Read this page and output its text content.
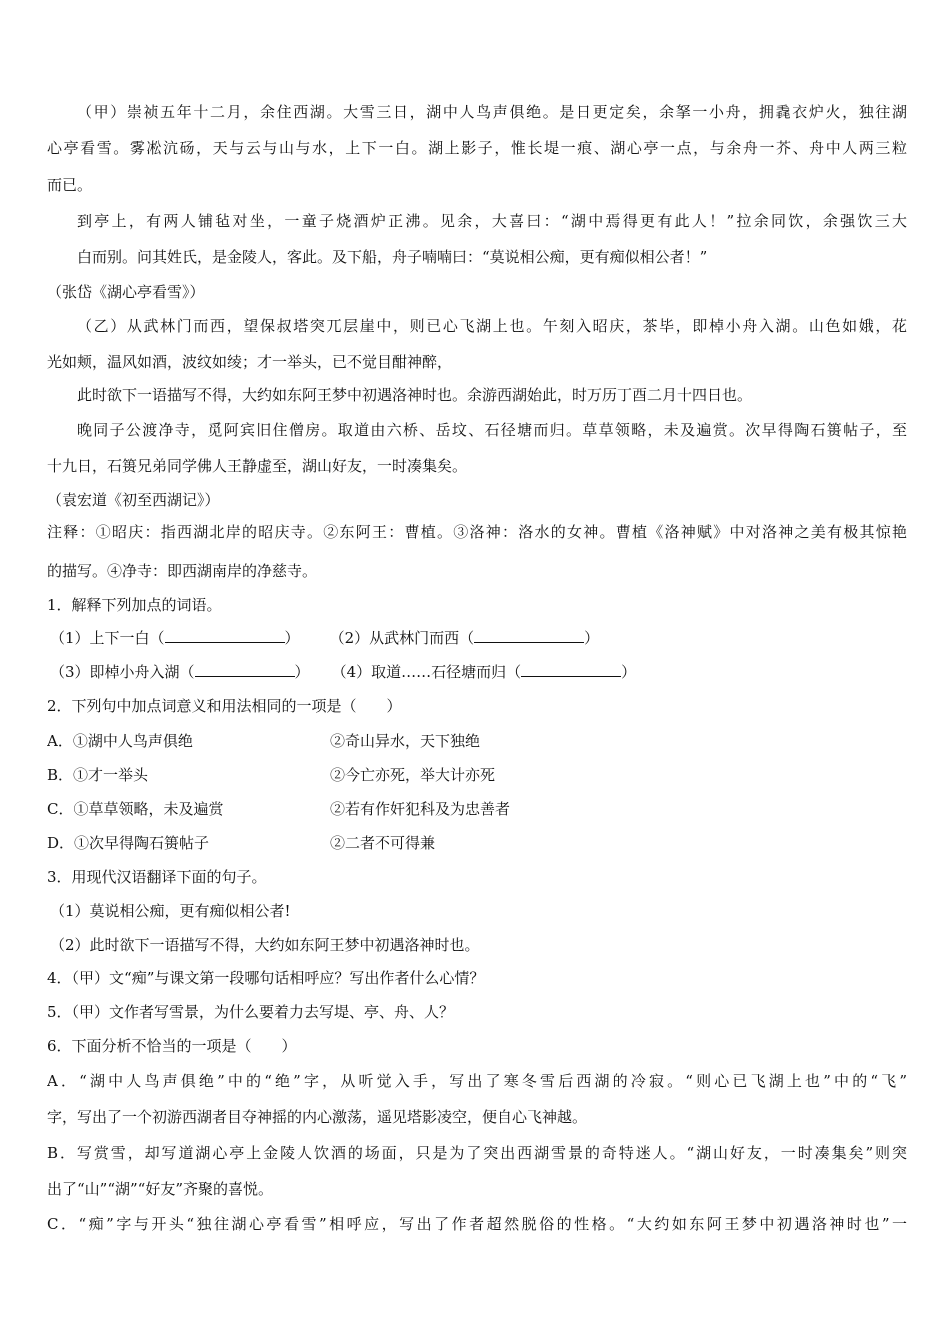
（甲）崇祯五年十二月，余住西湖。大雪三日，湖中人鸟声俱绝。是日更定矣，余拏一小舟，拥毳衣炉火，独往湖
心亭看雪。雾凇沆砀，天与云与山与水，上下一白。湖上影子，惟长堤一痕、湖心亭一点，与余舟一芥、舟中人两三粒
而已。
到亭上，有两人铺毡对坐，一童子烧酒炉正沸。见余，大喜曰：“湖中焉得更有此人！”拉余同饮，余强饮三大
白而别。问其姓氏，是金陵人，客此。及下船，舟子喃喃曰：“莫说相公痴，更有痴似相公者！”
（张岱《湖心亭看雪》）
（乙）从武林门而西，望保叔塔突兀层崖中，则已心飞湖上也。午刻入昭庆，茶毕，即棹小舟入湖。山色如娥，花
光如颊，温风如酒，波纹如绫；才一举头，已不觉目酣神醉，
此时欲下一语描写不得，大约如东阿王梦中初遇洛神时也。余游西湖始此，时万历丁酉二月十四日也。
晚同子公渡净寺，觅阿宾旧住僧房。取道由六桥、岳坟、石径塘而归。草草领略，未及遍赏。次早得陶石篑帖子，至
十九日，石篑兄弟同学佛人王静虚至，湖山好友，一时凑集矣。
（袁宏道《初至西湖记》）
注释：①昭庆：指西湖北岸的昭庆寺。②东阿王：曹植。③洛神：洛水的女神。曹植《洛神赋》中对洛神之美有极其惊艳
的描写。④净寺：即西湖南岸的净慈寺。
1．解释下列加点的词语。
（1）上下一白（	） （2）从武林门而西（	）
（3）即棹小舟入湖（	） （4）取道……石径塘而归（	）
2．下列句中加点词意义和用法相同的一项是（　　）
A．①湖中人鸟声俱绝	②奇山异水，天下独绝
B．①才一举头	②今亡亦死，举大计亦死
C．①草草领略，未及遍赏	②若有作奸犯科及为忠善者
D．①次早得陶石篑帖子	②二者不可得兼
3．用现代汉语翻译下面的句子。
（1）莫说相公痴，更有痴似相公者!
（2）此时欲下一语描写不得，大约如东阿王梦中初遇洛神时也。
4．（甲）文“痴”与课文第一段哪句话相呼应？写出作者什么心情？
5．（甲）文作者写雪景，为什么要着力去写堤、亭、舟、人？
6．下面分析不恰当的一项是（　　）
A．“湖中人鸟声俱绝”中的“绝”字，从听觉入手，写出了寒冬雪后西湖的冷寂。“则心已飞湖上也”中的“飞”
字，写出了一个初游西湖者目夺神摇的内心激荡，遥见塔影凌空，便自心飞神越。
B．写赏雪，却写道湖心亭上金陵人饮酒的场面，只是为了突出西湖雪景的奇特迷人。“湖山好友，一时凑集矣”则突
出了“山”“湖”“好友”齐聚的喜悦。
C．“痴”字与开头“独往湖心亭看雪”相呼应，写出了作者超然脱俗的性格。“大约如东阿王梦中初遇洛神时也”一
